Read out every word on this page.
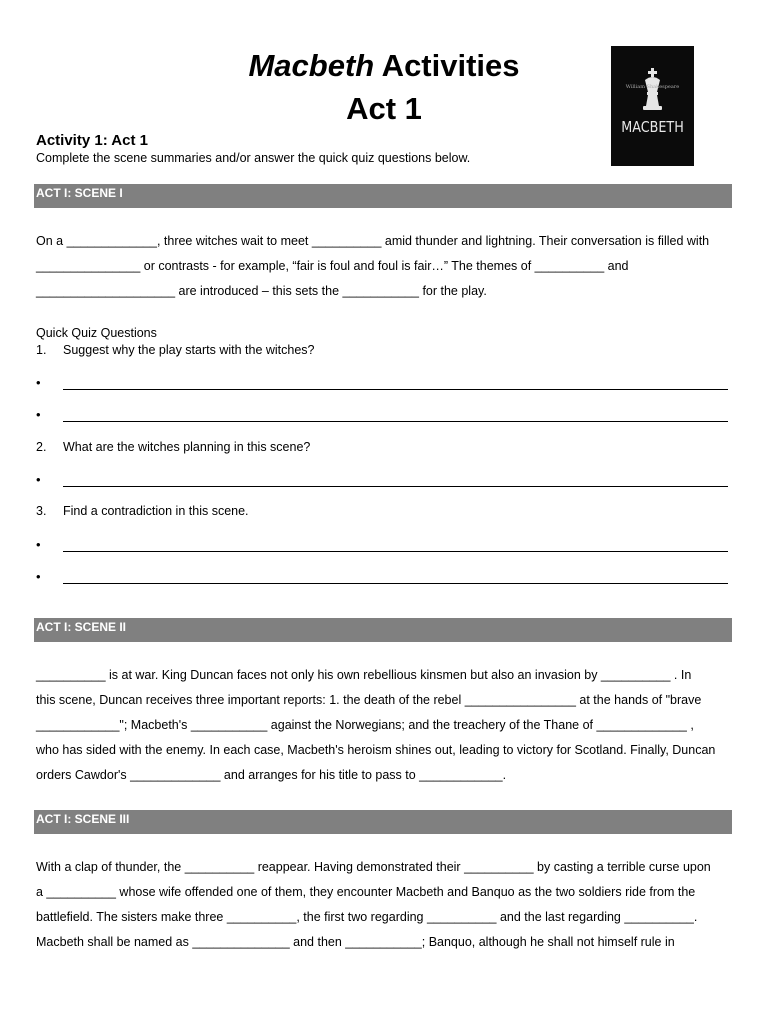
Macbeth Activities
Act 1
William Shakespeare
MACBETH
Activity 1: Act 1
Complete the scene summaries and/or answer the quick quiz questions below.
ACT I: SCENE I
On a _____________, three witches wait to meet __________ amid thunder and lightning. Their conversation is filled with
_______________ or contrasts - for example, “fair is foul and foul is fair…” The themes of __________ and
____________________ are introduced – this sets the ___________ for the play.
Quick Quiz Questions
1. Suggest why the play starts with the witches?
•
•
2. What are the witches planning in this scene?
•
3. Find a contradiction in this scene.
•
•
ACT I: SCENE II
__________ is at war. King Duncan faces not only his own rebellious kinsmen but also an invasion by __________ . In
this scene, Duncan receives three important reports: 1. the death of the rebel ________________ at the hands of "brave
____________"; Macbeth's ___________ against the Norwegians; and the treachery of the Thane of _____________ ,
who has sided with the enemy. In each case, Macbeth's heroism shines out, leading to victory for Scotland. Finally, Duncan
orders Cawdor's _____________ and arranges for his title to pass to ____________.
ACT I: SCENE III
With a clap of thunder, the __________ reappear. Having demonstrated their __________ by casting a terrible curse upon
a __________ whose wife offended one of them, they encounter Macbeth and Banquo as the two soldiers ride from the
battlefield. The sisters make three __________, the first two regarding __________ and the last regarding __________.
Macbeth shall be named as ______________ and then ___________; Banquo, although he shall not himself rule in
